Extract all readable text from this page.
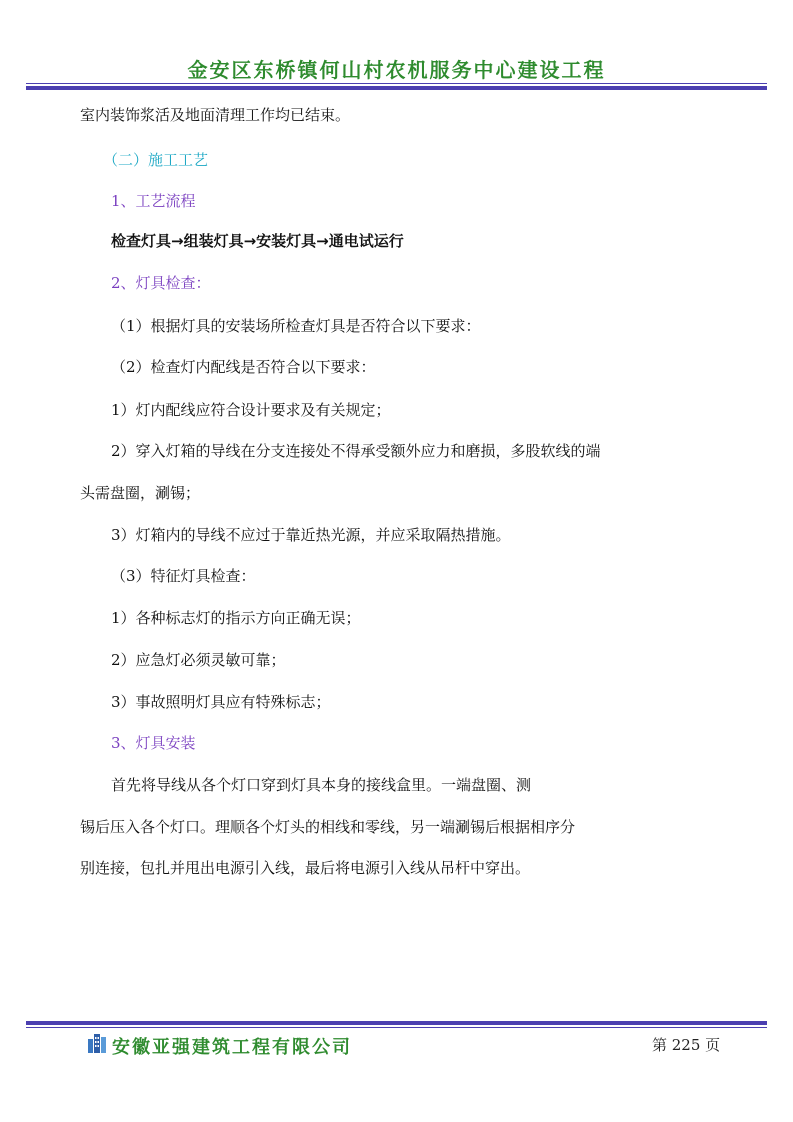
金安区东桥镇何山村农机服务中心建设工程
室内装饰浆活及地面清理工作均已结束。
（二）施工工艺
1、工艺流程
检查灯具→组装灯具→安装灯具→通电试运行
2、灯具检查：
（1）根据灯具的安装场所检查灯具是否符合以下要求：
（2）检查灯内配线是否符合以下要求：
1）灯内配线应符合设计要求及有关规定；
2）穿入灯箱的导线在分支连接处不得承受额外应力和磨损，多股软线的端
头需盘圈，涮锡；
3）灯箱内的导线不应过于靠近热光源，并应采取隔热措施。
（3）特征灯具检查：
1）各种标志灯的指示方向正确无误；
2）应急灯必须灵敏可靠；
3）事故照明灯具应有特殊标志；
3、灯具安装
首先将导线从各个灯口穿到灯具本身的接线盒里。一端盘圈、测
锡后压入各个灯口。理顺各个灯头的相线和零线，另一端涮锡后根据相序分
别连接，包扎并甩出电源引入线，最后将电源引入线从吊杆中穿出。
安徽亚强建筑工程有限公司	第 225 页
